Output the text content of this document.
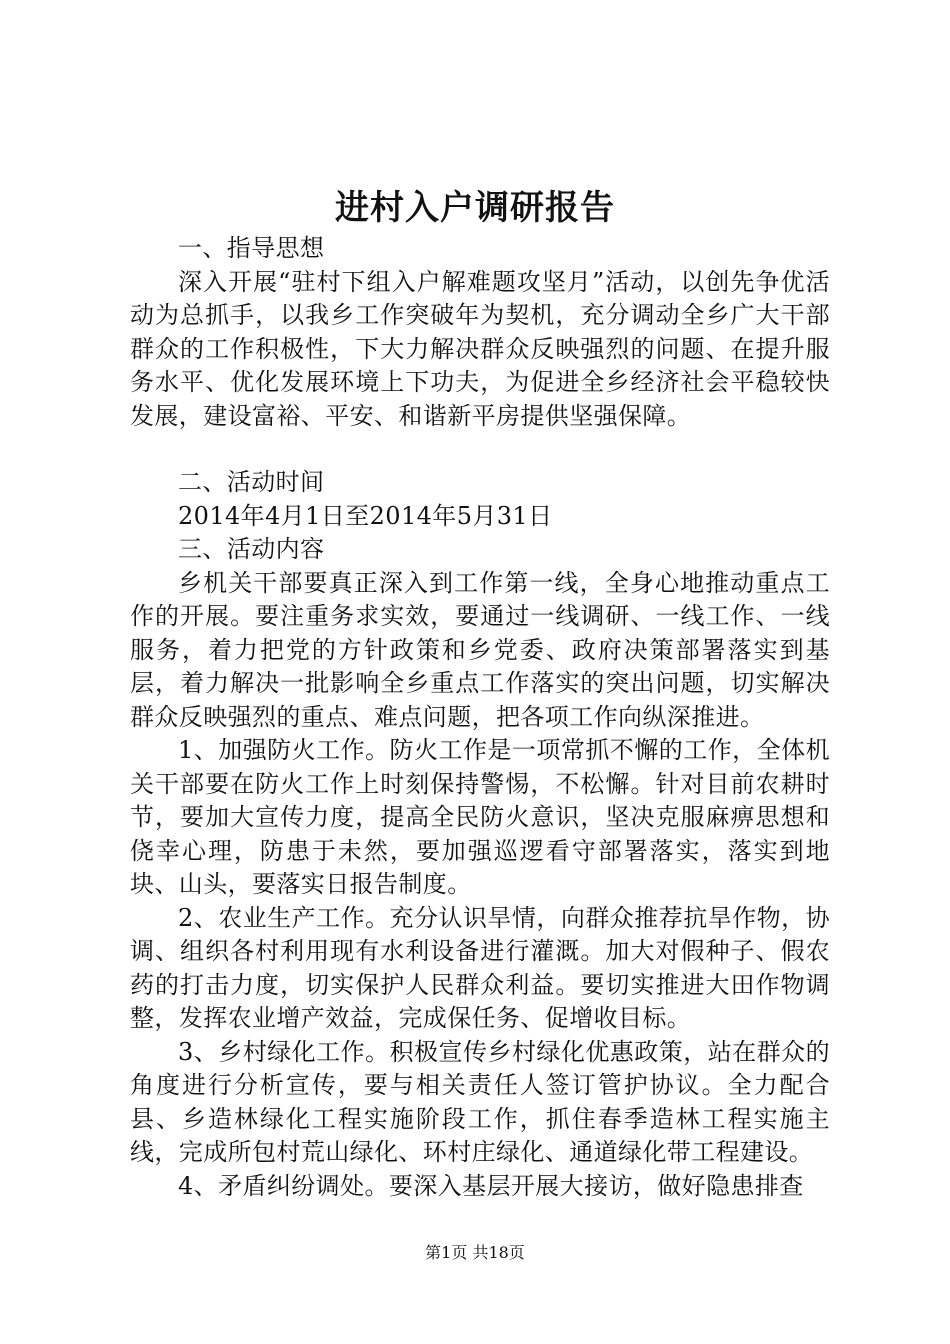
进村入户调研报告

一、指导思想

深入开展“驻村下组入户解难题攻坚月”活动，以创先争优活动为总抓手，以我乡工作突破年为契机，充分调动全乡广大干部群众的工作积极性，下大力解决群众反映强烈的问题、在提升服务水平、优化发展环境上下功夫，为促进全乡经济社会平稳较快发展，建设富裕、平安、和谐新平房提供坚强保障。

二、活动时间

2014年4月1日至2014年5月31日

三、活动内容

乡机关干部要真正深入到工作第一线，全身心地推动重点工作的开展。要注重务求实效，要通过一线调研、一线工作、一线服务，着力把党的方针政策和乡党委、政府决策部署落实到基层，着力解决一批影响全乡重点工作落实的突出问题，切实解决群众反映强烈的重点、难点问题，把各项工作向纵深推进。

1、加强防火工作。防火工作是一项常抓不懈的工作，全体机关干部要在防火工作上时刻保持警惕，不松懈。针对目前农耕时节，要加大宣传力度，提高全民防火意识，坚决克服麻痹思想和侥幸心理，防患于未然，要加强巡逻看守部署落实，落实到地块、山头，要落实日报告制度。

2、农业生产工作。充分认识旱情，向群众推荐抗旱作物，协调、组织各村利用现有水利设备进行灌溉。加大对假种子、假农药的打击力度，切实保护人民群众利益。要切实推进大田作物调整，发挥农业增产效益，完成保任务、促增收目标。

3、乡村绿化工作。积极宣传乡村绿化优惠政策，站在群众的角度进行分析宣传，要与相关责任人签订管护协议。全力配合县、乡造林绿化工程实施阶段工作，抓住春季造林工程实施主线，完成所包村荒山绿化、环村庄绿化、通道绿化带工程建设。

4、矛盾纠纷调处。要深入基层开展大接访，做好隐患排查

第1页 共18页
